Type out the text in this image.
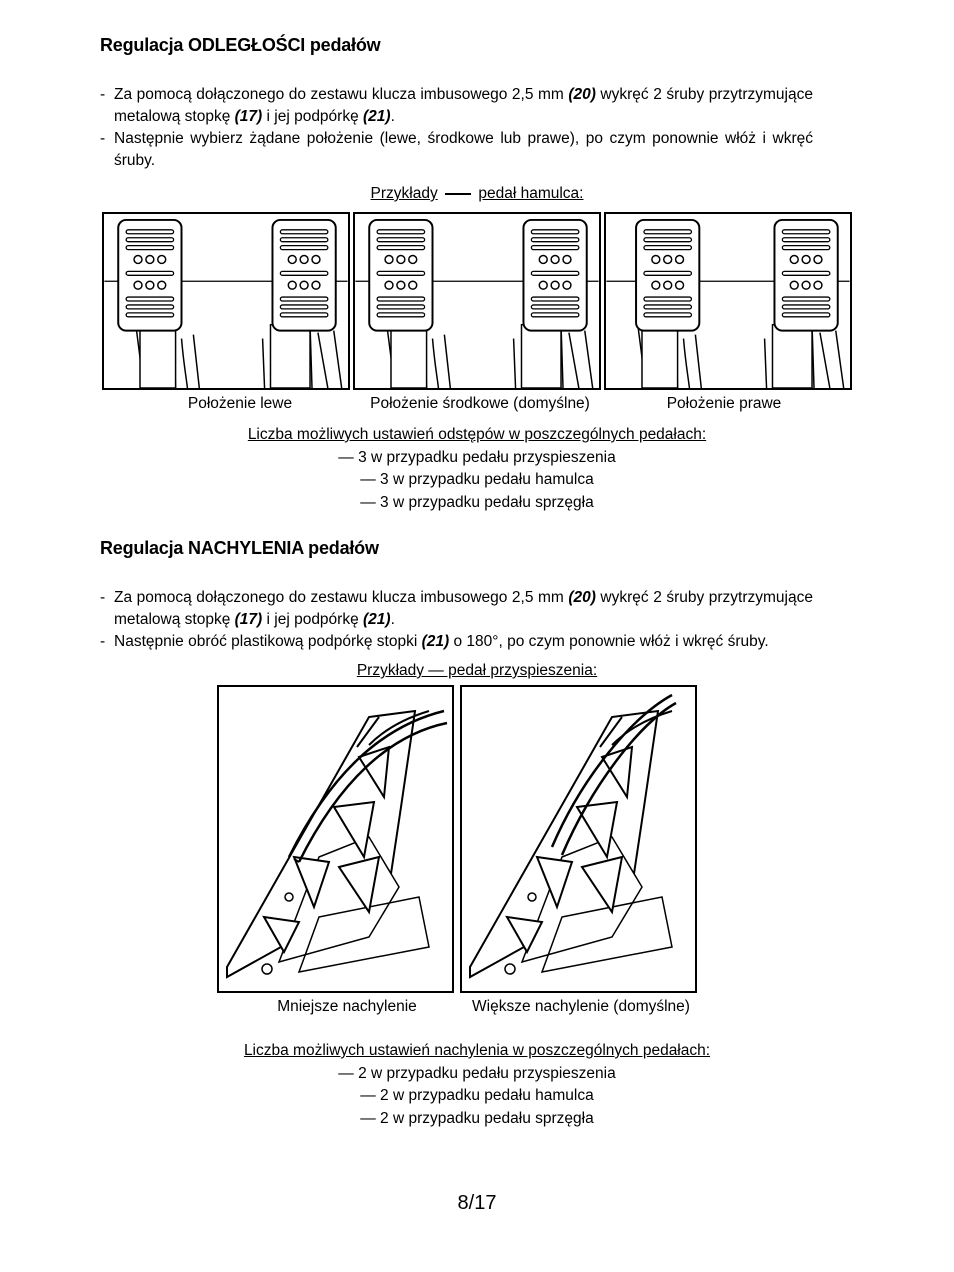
Regulacja ODLEGŁOŚCI pedałów
- Za pomocą dołączonego do zestawu klucza imbusowego 2,5 mm (20) wykręć 2 śruby przytrzymujące metalową stopkę (17) i jej podpórkę (21).
- Następnie wybierz żądane położenie (lewe, środkowe lub prawe), po czym ponownie włóż i wkręć śruby.
Przykłady	pedał hamulca:
Położenie lewe	Położenie środkowe (domyślne)	Położenie prawe
Liczba możliwych ustawień odstępów w poszczególnych pedałach:
— 3 w przypadku pedału przyspieszenia
— 3 w przypadku pedału hamulca
— 3 w przypadku pedału sprzęgła
Regulacja NACHYLENIA pedałów
- Za pomocą dołączonego do zestawu klucza imbusowego 2,5 mm (20) wykręć 2 śruby przytrzymujące metalową stopkę (17) i jej podpórkę (21).
- Następnie obróć plastikową podpórkę stopki (21) o 180°, po czym ponownie włóż i wkręć śruby.
Przykłady — pedał przyspieszenia:
Mniejsze nachylenie	Większe nachylenie (domyślne)
Liczba możliwych ustawień nachylenia w poszczególnych pedałach:
— 2 w przypadku pedału przyspieszenia
— 2 w przypadku pedału hamulca
— 2 w przypadku pedału sprzęgła
8/17
